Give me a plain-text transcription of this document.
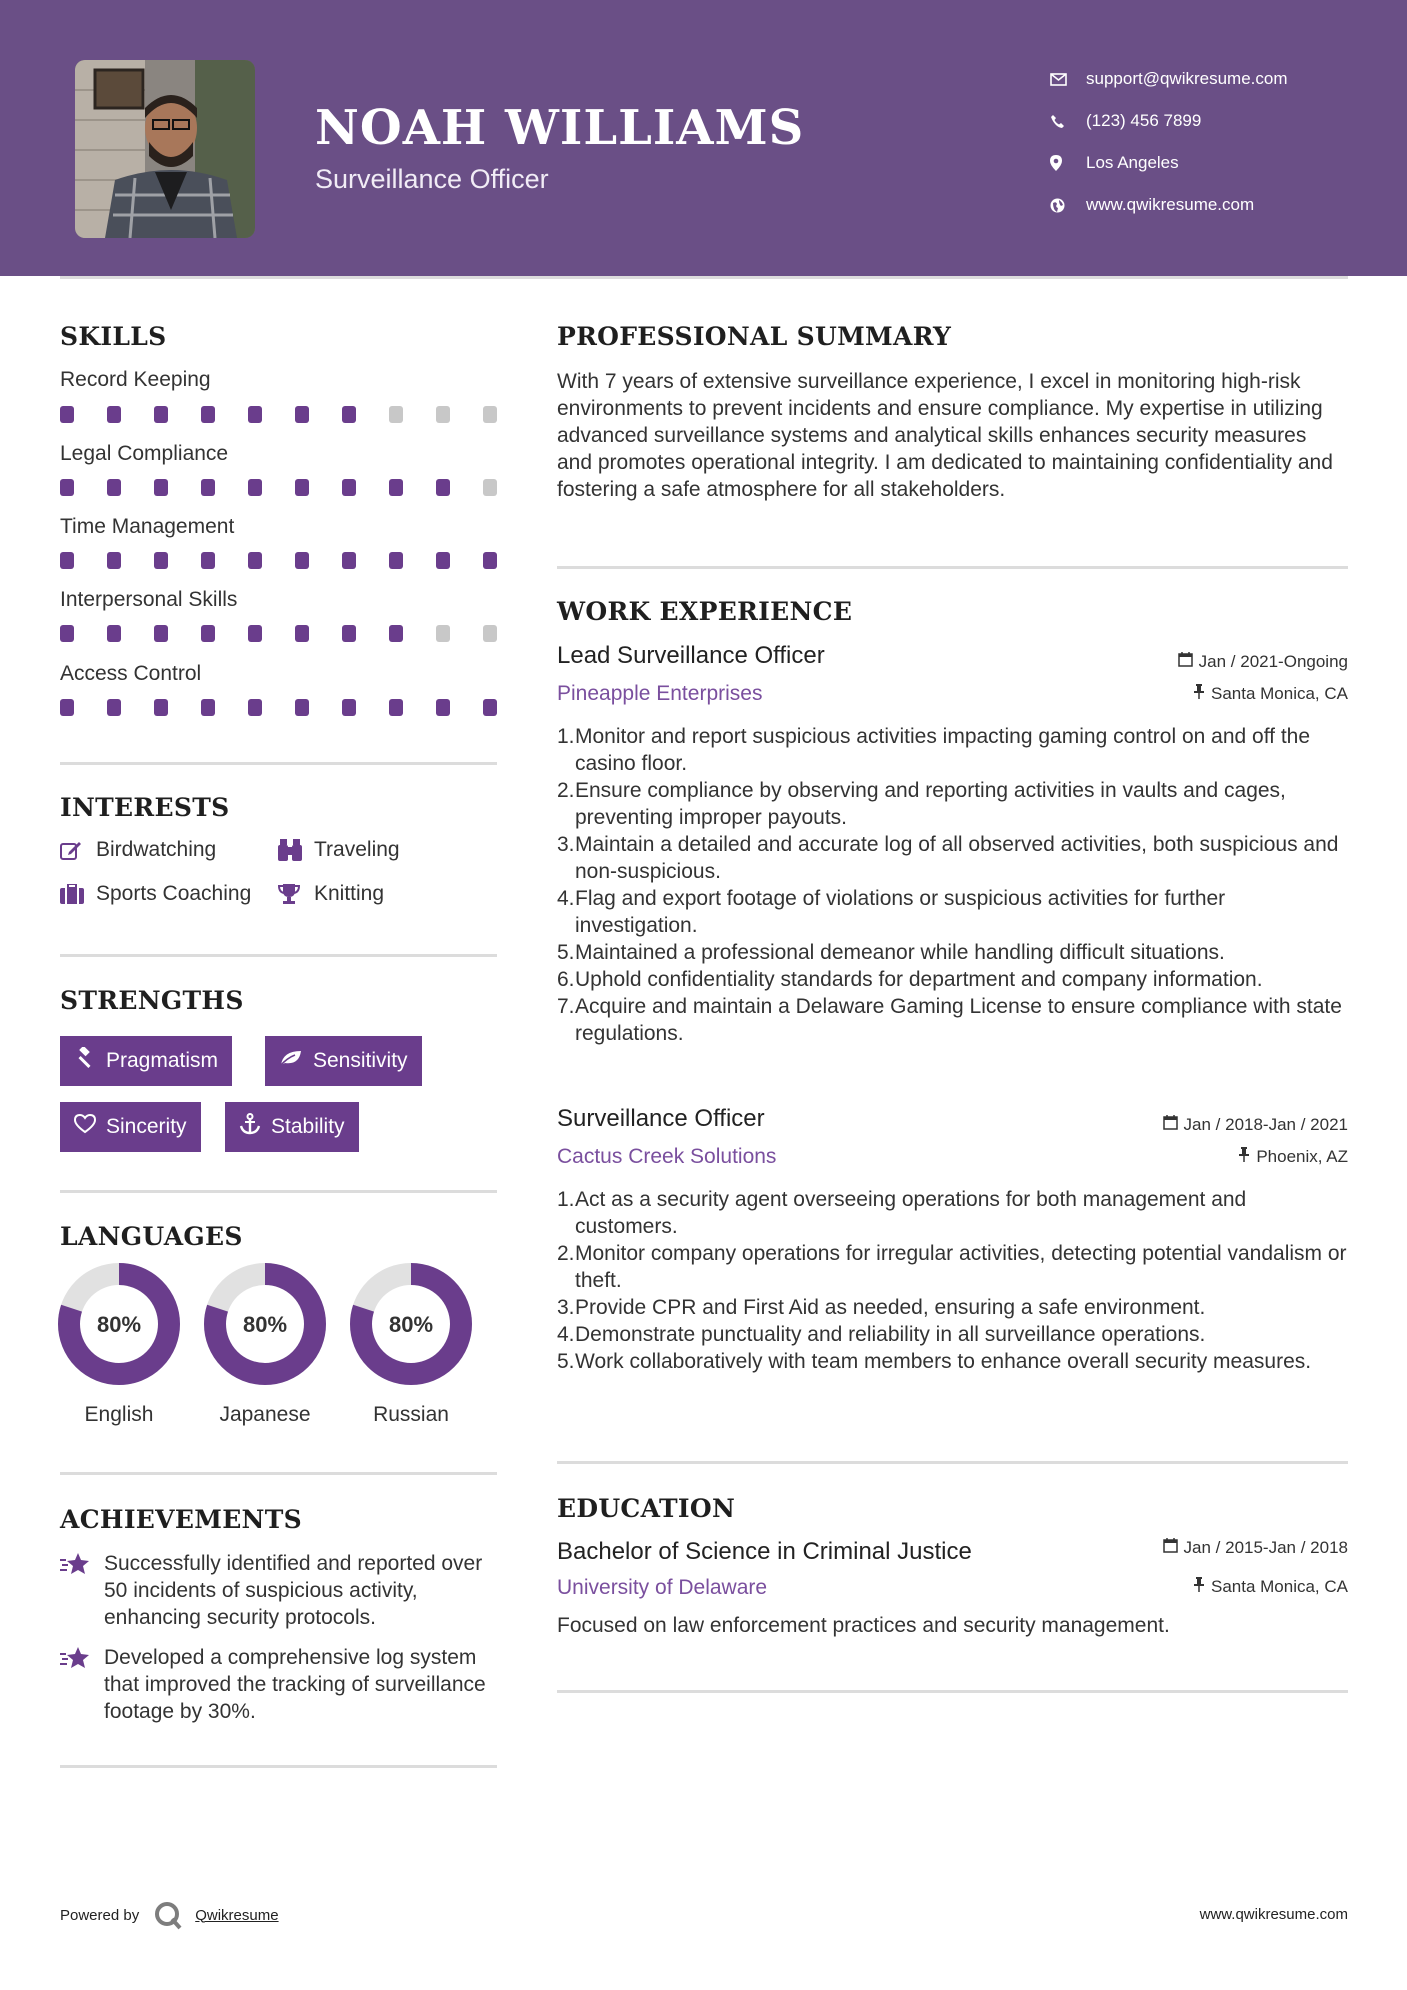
NOAH WILLIAMS
Surveillance Officer
support@qwikresume.com
(123) 456 7899
Los Angeles
www.qwikresume.com
SKILLS
Record Keeping
Legal Compliance
Time Management
Interpersonal Skills
Access Control
INTERESTS
Birdwatching	Traveling
Sports Coaching	Knitting
STRENGTHS
Pragmatism	Sensitivity
Sincerity	Stability
LANGUAGES
80%
English
80%
Japanese
80%
Russian
ACHIEVEMENTS
Successfully identified and reported over 50 incidents of suspicious activity, enhancing security protocols.
Developed a comprehensive log system that improved the tracking of surveillance footage by 30%.
PROFESSIONAL SUMMARY
With 7 years of extensive surveillance experience, I excel in monitoring high-risk environments to prevent incidents and ensure compliance. My expertise in utilizing advanced surveillance systems and analytical skills enhances security measures and promotes operational integrity. I am dedicated to maintaining confidentiality and fostering a safe atmosphere for all stakeholders.
WORK EXPERIENCE
Lead Surveillance Officer	Jan / 2021-Ongoing
Pineapple Enterprises	Santa Monica, CA
1. Monitor and report suspicious activities impacting gaming control on and off the casino floor.
2. Ensure compliance by observing and reporting activities in vaults and cages, preventing improper payouts.
3. Maintain a detailed and accurate log of all observed activities, both suspicious and non-suspicious.
4. Flag and export footage of violations or suspicious activities for further investigation.
5. Maintained a professional demeanor while handling difficult situations.
6. Uphold confidentiality standards for department and company information.
7. Acquire and maintain a Delaware Gaming License to ensure compliance with state regulations.
Surveillance Officer	Jan / 2018-Jan / 2021
Cactus Creek Solutions	Phoenix, AZ
1. Act as a security agent overseeing operations for both management and customers.
2. Monitor company operations for irregular activities, detecting potential vandalism or theft.
3. Provide CPR and First Aid as needed, ensuring a safe environment.
4. Demonstrate punctuality and reliability in all surveillance operations.
5. Work collaboratively with team members to enhance overall security measures.
EDUCATION
Bachelor of Science in Criminal Justice	Jan / 2015-Jan / 2018
University of Delaware	Santa Monica, CA
Focused on law enforcement practices and security management.
Powered by	Qwikresume	www.qwikresume.com
